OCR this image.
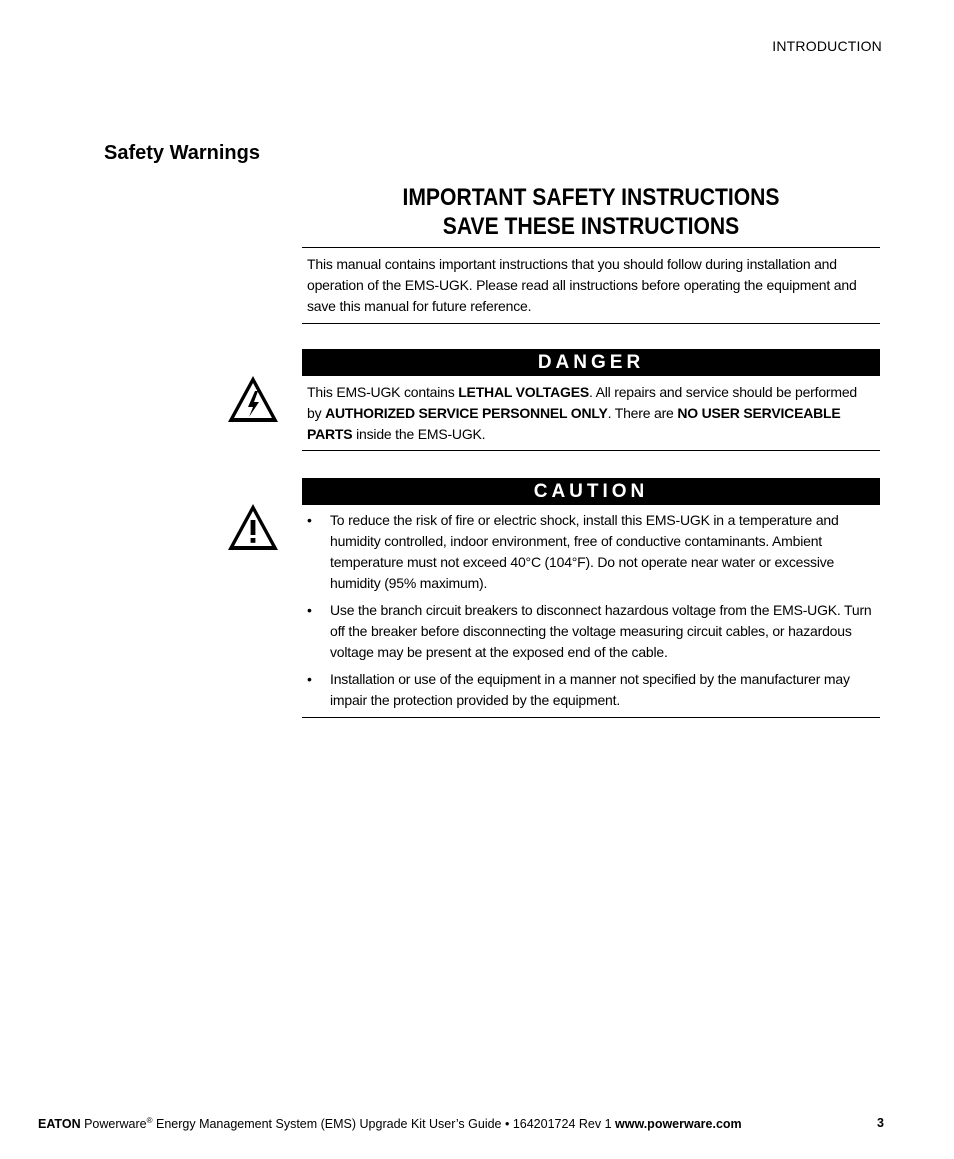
INTRODUCTION
Safety Warnings
IMPORTANT SAFETY INSTRUCTIONS
SAVE THESE INSTRUCTIONS
This manual contains important instructions that you should follow during installation and operation of the EMS-UGK. Please read all instructions before operating the equipment and save this manual for future reference.
DANGER
This EMS-UGK contains LETHAL VOLTAGES. All repairs and service should be performed by AUTHORIZED SERVICE PERSONNEL ONLY. There are NO USER SERVICEABLE PARTS inside the EMS-UGK.
CAUTION
• To reduce the risk of fire or electric shock, install this EMS-UGK in a temperature and humidity controlled, indoor environment, free of conductive contaminants. Ambient temperature must not exceed 40°C (104°F). Do not operate near water or excessive humidity (95% maximum).
• Use the branch circuit breakers to disconnect hazardous voltage from the EMS-UGK. Turn off the breaker before disconnecting the voltage measuring circuit cables, or hazardous voltage may be present at the exposed end of the cable.
• Installation or use of the equipment in a manner not specified by the manufacturer may impair the protection provided by the equipment.
EATON Powerware® Energy Management System (EMS) Upgrade Kit User’s Guide • 164201724 Rev 1 www.powerware.com	3
